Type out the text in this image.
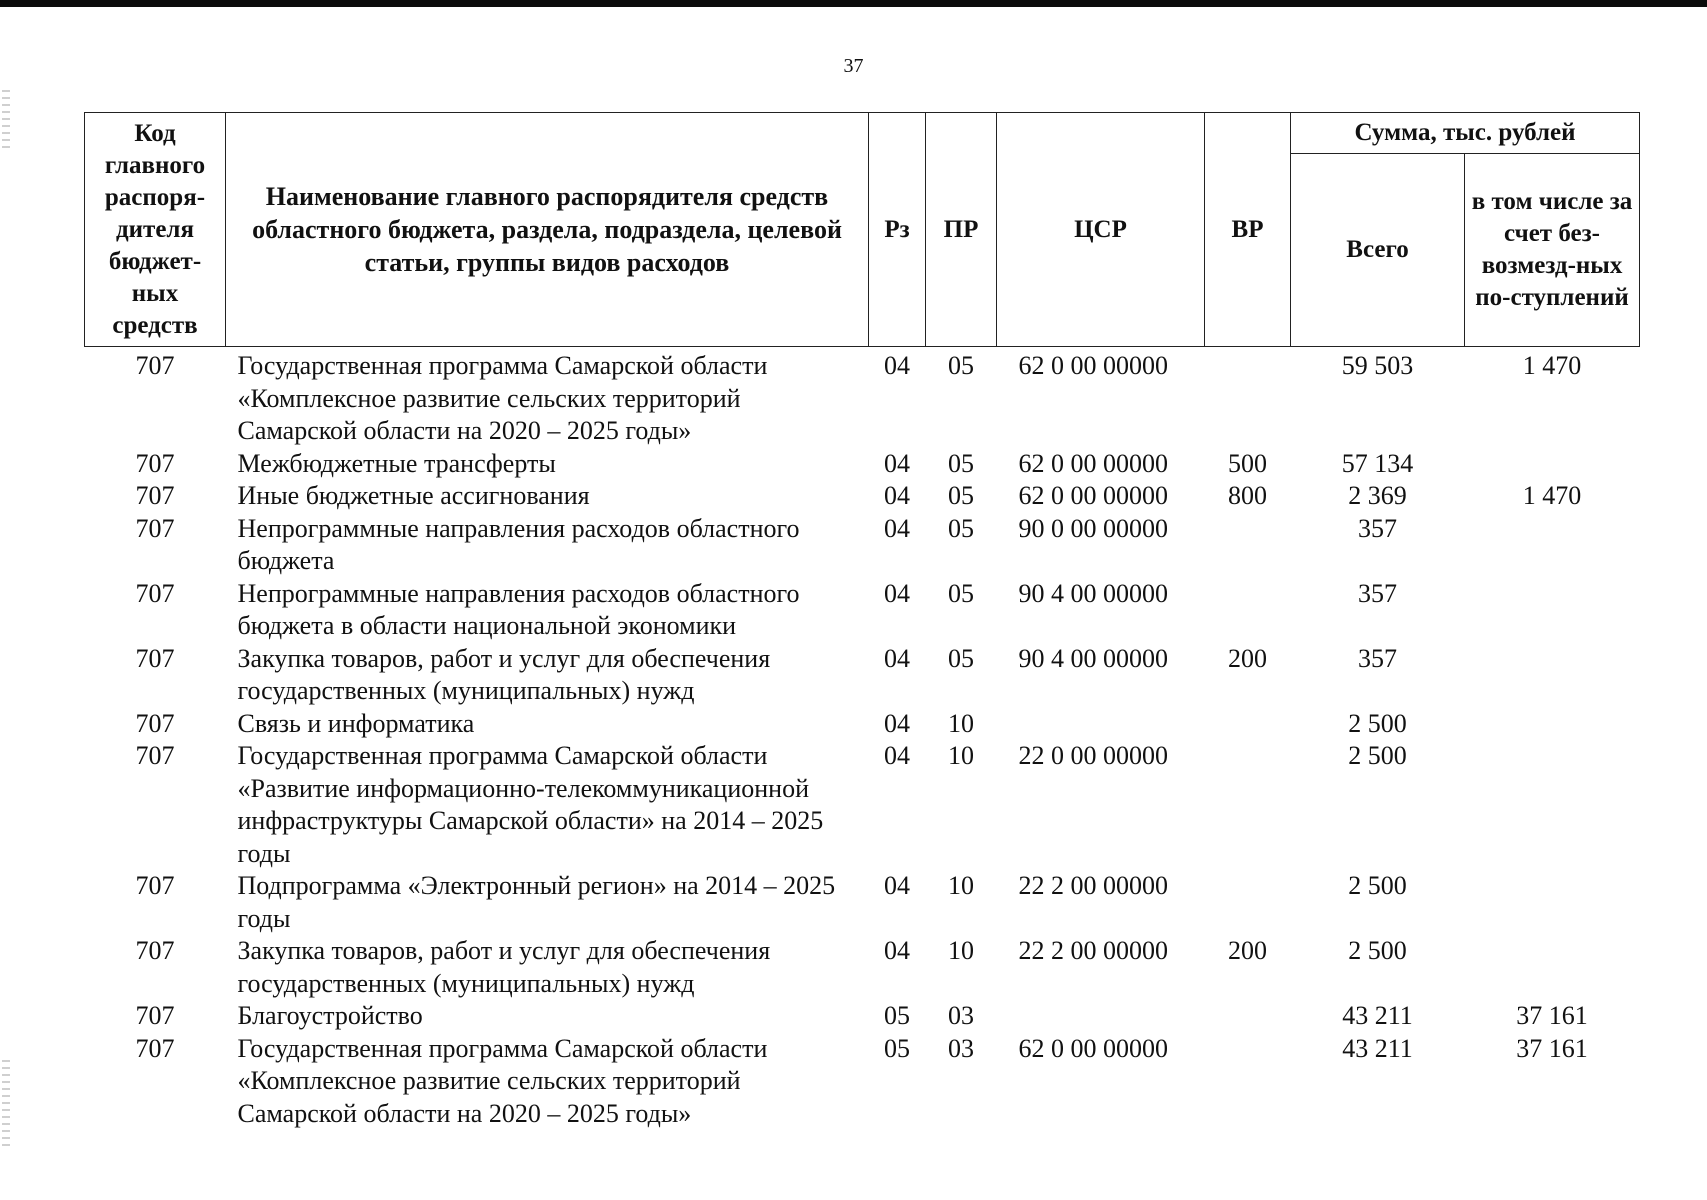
37
Код главного распоря-дителя бюджет-ных средств	Наименование главного распорядителя средств областного бюджета, раздела, подраздела, целевой статьи, группы видов расходов	Рз	ПР	ЦСР	ВР	Сумма, тыс. рублей	
						Всего	в том числе за счет без-возмезд-ных по-ступлений
707	Государственная программа Самарской области «Комплексное развитие сельских территорий Самарской области на 2020 – 2025 годы»	04	05	62 0 00 00000		59 503	1 470
707	Межбюджетные трансферты	04	05	62 0 00 00000	500	57 134	
707	Иные бюджетные ассигнования	04	05	62 0 00 00000	800	2 369	1 470
707	Непрограммные направления расходов областного бюджета	04	05	90 0 00 00000		357	
707	Непрограммные направления расходов областного бюджета в области национальной экономики	04	05	90 4 00 00000		357	
707	Закупка товаров, работ и услуг для обеспечения государственных (муниципальных) нужд	04	05	90 4 00 00000	200	357	
707	Связь и информатика	04	10			2 500	
707	Государственная программа Самарской области «Развитие информационно-телекоммуникационной инфраструктуры Самарской области» на 2014 – 2025 годы	04	10	22 0 00 00000		2 500	
707	Подпрограмма «Электронный регион» на 2014 – 2025 годы	04	10	22 2 00 00000		2 500	
707	Закупка товаров, работ и услуг для обеспечения государственных (муниципальных) нужд	04	10	22 2 00 00000	200	2 500	
707	Благоустройство	05	03			43 211	37 161
707	Государственная программа Самарской области «Комплексное развитие сельских территорий Самарской области на 2020 – 2025 годы»	05	03	62 0 00 00000		43 211	37 161
